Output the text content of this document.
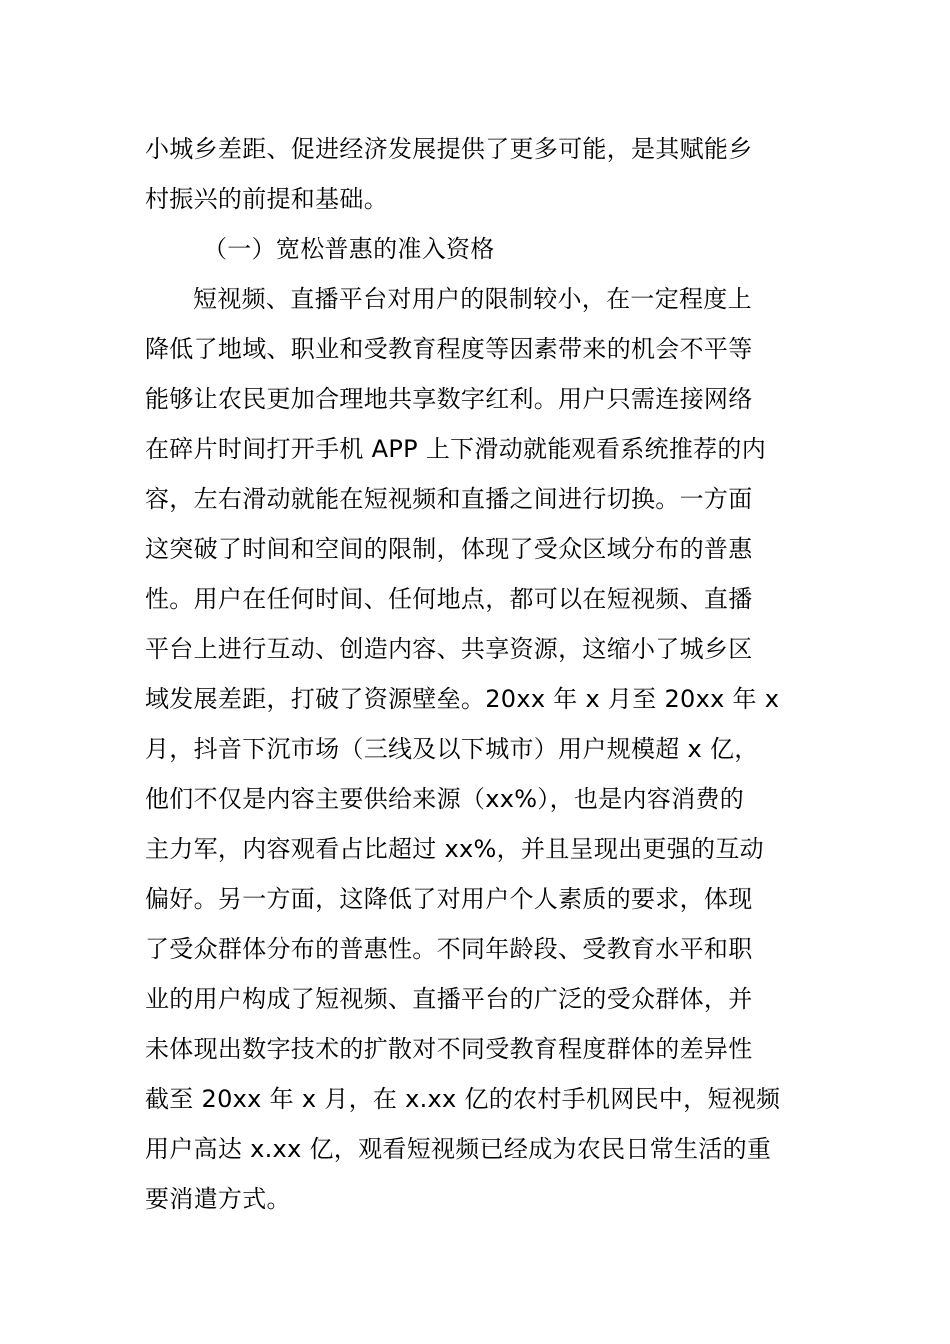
小城乡差距、促进经济发展提供了更多可能，是其赋能乡
村振兴的前提和基础。
（一）宽松普惠的准入资格
短视频、直播平台对用户的限制较小，在一定程度上
降低了地域、职业和受教育程度等因素带来的机会不平等
能够让农民更加合理地共享数字红利。用户只需连接网络
在碎片时间打开手机 APP 上下滑动就能观看系统推荐的内
容，左右滑动就能在短视频和直播之间进行切换。一方面
这突破了时间和空间的限制，体现了受众区域分布的普惠
性。用户在任何时间、任何地点，都可以在短视频、直播
平台上进行互动、创造内容、共享资源，这缩小了城乡区
域发展差距，打破了资源壁垒。20xx 年 x 月至 20xx 年 x
月，抖音下沉市场（三线及以下城市）用户规模超 x 亿，
他们不仅是内容主要供给来源（xx%），也是内容消费的
主力军，内容观看占比超过 xx%，并且呈现出更强的互动
偏好。另一方面，这降低了对用户个人素质的要求，体现
了受众群体分布的普惠性。不同年龄段、受教育水平和职
业的用户构成了短视频、直播平台的广泛的受众群体，并
未体现出数字技术的扩散对不同受教育程度群体的差异性
截至 20xx 年 x 月，在 x.xx 亿的农村手机网民中，短视频
用户高达 x.xx 亿，观看短视频已经成为农民日常生活的重
要消遣方式。
